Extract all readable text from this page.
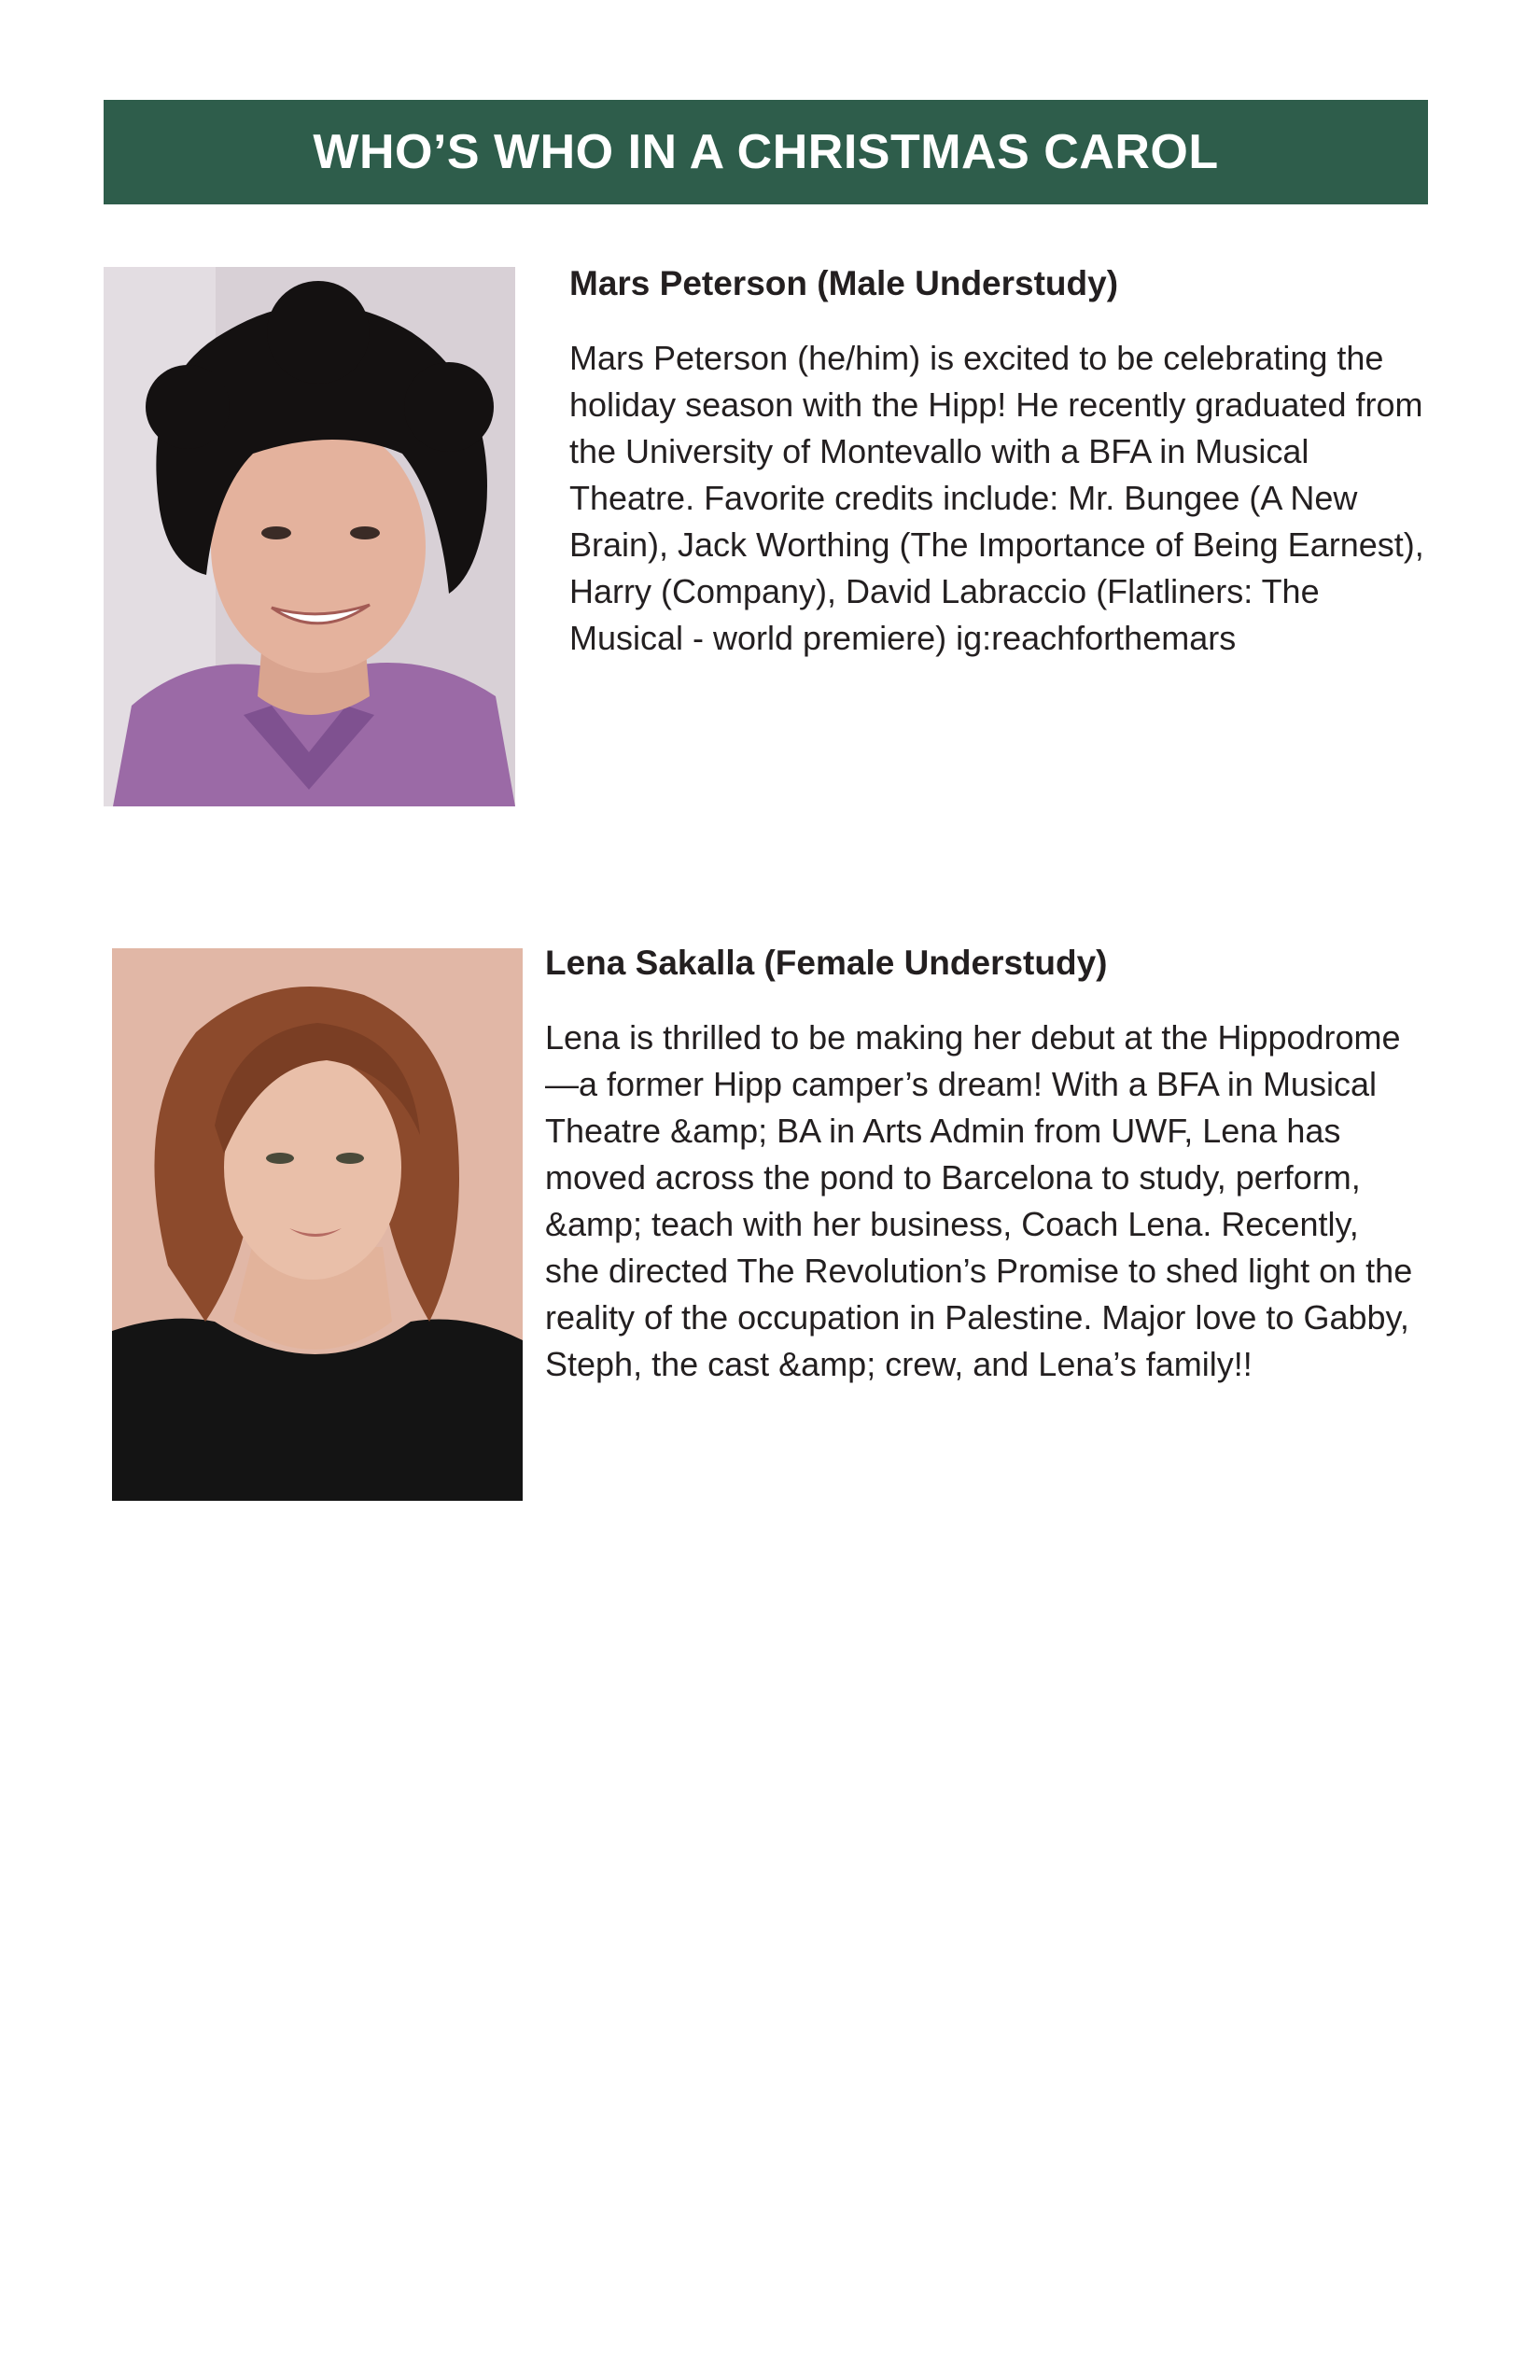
WHO’S WHO IN A CHRISTMAS CAROL
Mars Peterson (Male Understudy)

Mars Peterson (he/him) is excited to be celebrating the holiday season with the Hipp! He recently graduated from the University of Montevallo with a BFA in Musical Theatre. Favorite credits include: Mr. Bungee (A New Brain), Jack Worthing (The Importance of Being Earnest), Harry (Company), David Labraccio (Flatliners: The Musical - world premiere) ig:reachforthemars

Lena Sakalla (Female Understudy)

Lena is thrilled to be making her debut at the Hippodrome—a former Hipp camper’s dream! With a BFA in Musical Theatre &amp; BA in Arts Admin from UWF, Lena has moved across the pond to Barcelona to study, perform, &amp; teach with her business, Coach Lena. Recently, she directed The Revolution’s Promise to shed light on the reality of the occupation in Palestine. Major love to Gabby, Steph, the cast &amp; crew, and Lena’s family!!
